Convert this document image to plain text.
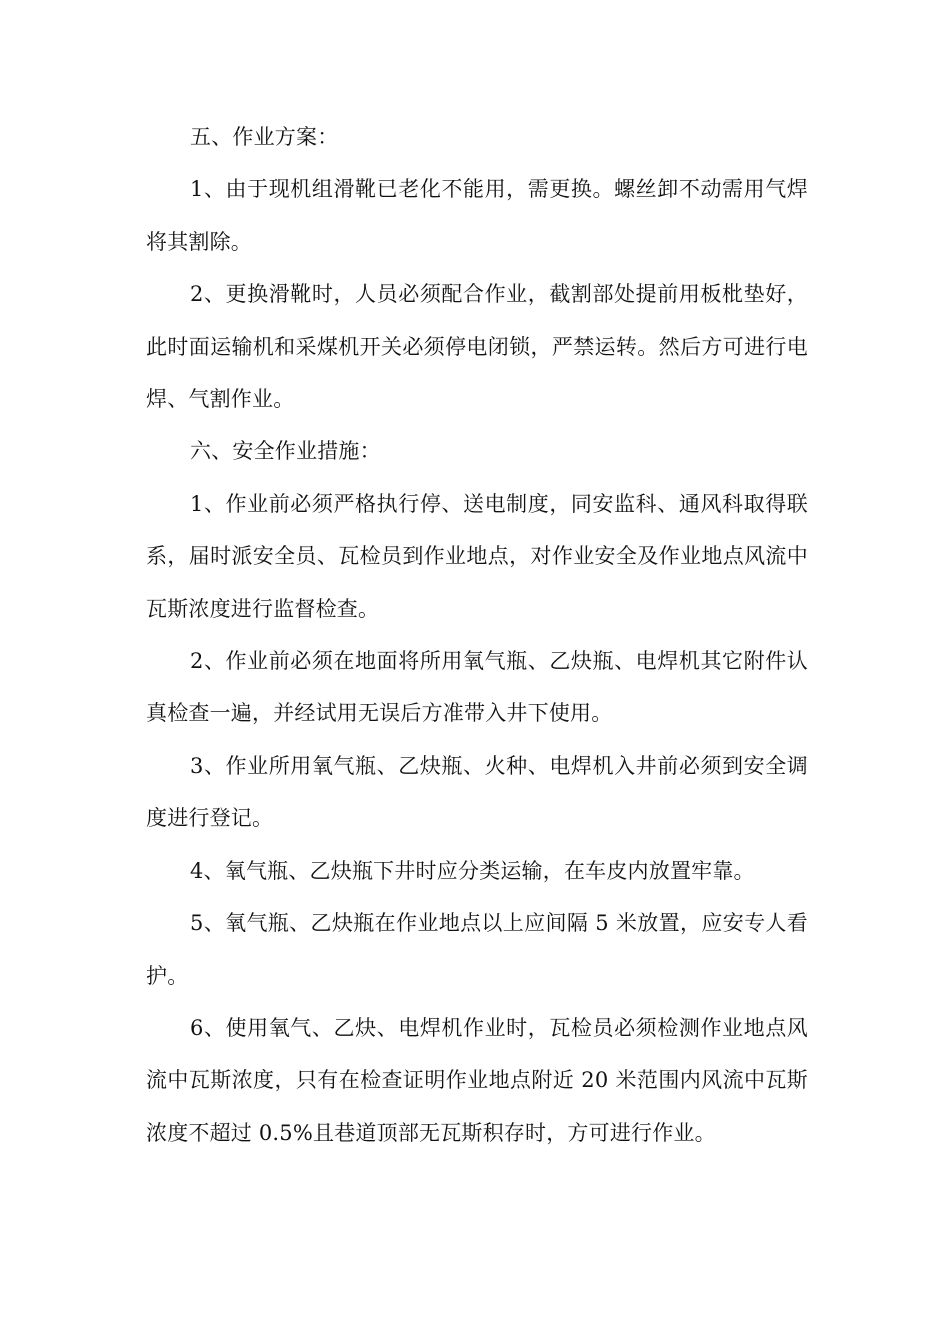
五、作业方案：

1、由于现机组滑靴已老化不能用，需更换。螺丝卸不动需用气焊将其割除。

2、更换滑靴时，人员必须配合作业，截割部处提前用板枇垫好，此时面运输机和采煤机开关必须停电闭锁，严禁运转。然后方可进行电焊、气割作业。

六、安全作业措施：

1、作业前必须严格执行停、送电制度，同安监科、通风科取得联系，届时派安全员、瓦检员到作业地点，对作业安全及作业地点风流中瓦斯浓度进行监督检查。

2、作业前必须在地面将所用氧气瓶、乙炔瓶、电焊机其它附件认真检查一遍，并经试用无误后方准带入井下使用。

3、作业所用氧气瓶、乙炔瓶、火种、电焊机入井前必须到安全调度进行登记。

4、氧气瓶、乙炔瓶下井时应分类运输，在车皮内放置牢靠。

5、氧气瓶、乙炔瓶在作业地点以上应间隔 5 米放置，应安专人看护。

6、使用氧气、乙炔、电焊机作业时，瓦检员必须检测作业地点风流中瓦斯浓度，只有在检查证明作业地点附近 20 米范围内风流中瓦斯浓度不超过 0.5%且巷道顶部无瓦斯积存时，方可进行作业。
